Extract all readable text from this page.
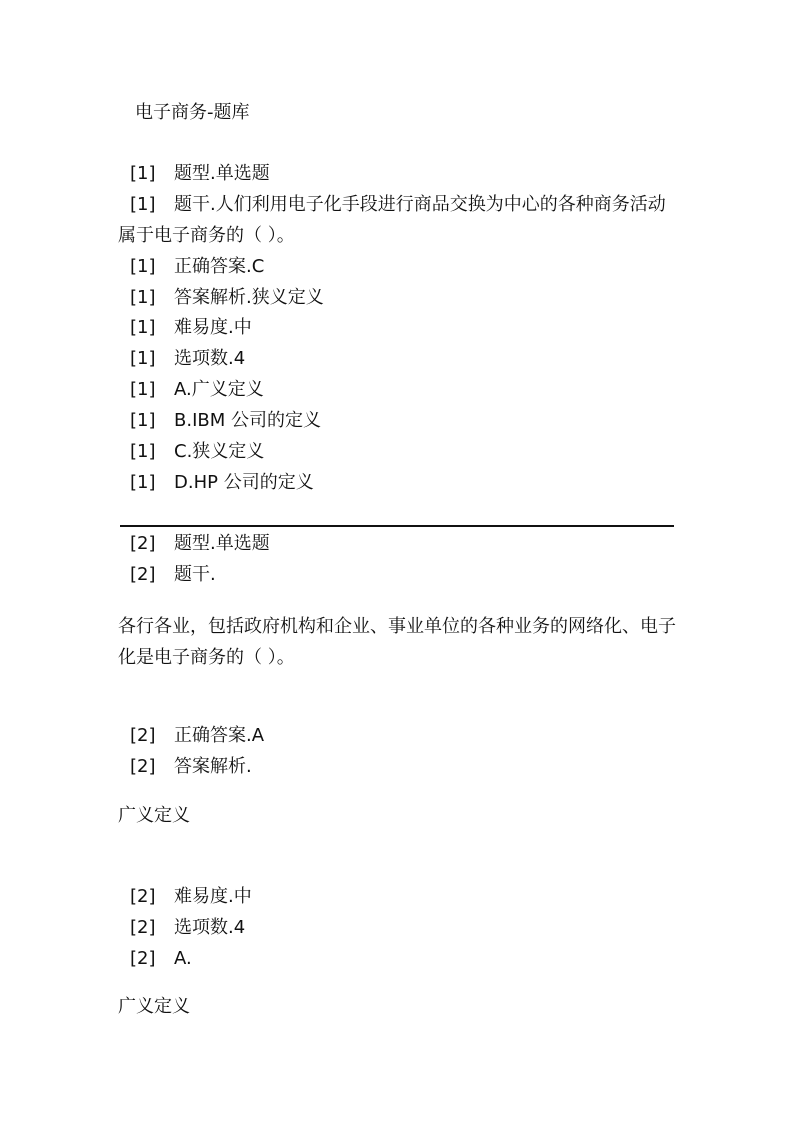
电子商务-题库
[1] 题型.单选题
[1] 题干.人们利用电子化手段进行商品交换为中心的各种商务活动
属于电子商务的（ ）。
[1] 正确答案.C
[1] 答案解析.狭义定义
[1] 难易度.中
[1] 选项数.4
[1] A.广义定义
[1] B.IBM 公司的定义
[1] C.狭义定义
[1] D.HP 公司的定义
[2] 题型.单选题
[2] 题干.
各行各业，包括政府机构和企业、事业单位的各种业务的网络化、电子化是电子商务的（ ）。
[2] 正确答案.A
[2] 答案解析.
广义定义
[2] 难易度.中
[2] 选项数.4
[2] A.
广义定义
